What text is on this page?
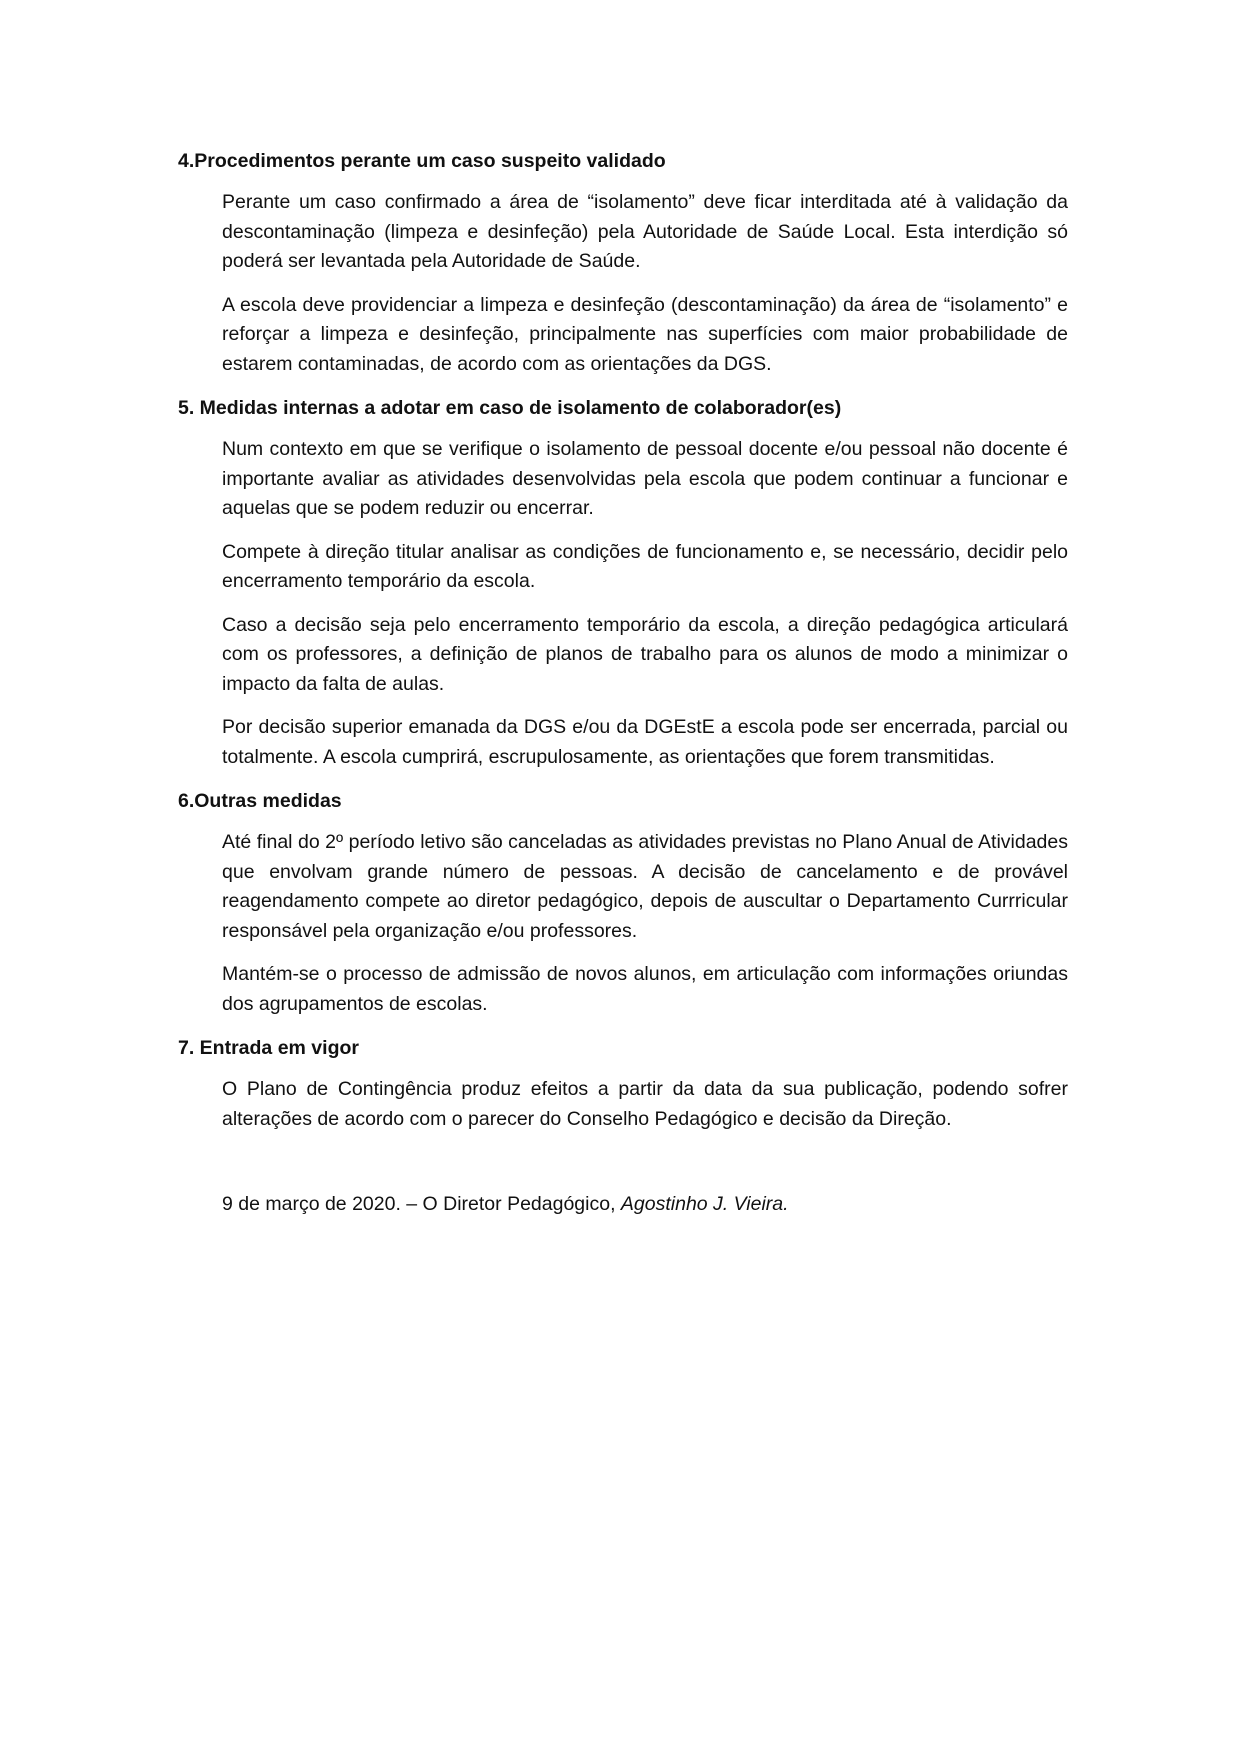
4.Procedimentos perante um caso suspeito validado

Perante um caso confirmado a área de “isolamento” deve ficar interditada até à validação da descontaminação (limpeza e desinfeção) pela Autoridade de Saúde Local. Esta interdição só poderá ser levantada pela Autoridade de Saúde.

A escola deve providenciar a limpeza e desinfeção (descontaminação) da área de “isolamento” e reforçar a limpeza e desinfeção, principalmente nas superfícies com maior probabilidade de estarem contaminadas, de acordo com as orientações da DGS.

5. Medidas internas a adotar em caso de isolamento de colaborador(es)

Num contexto em que se verifique o isolamento de pessoal docente e/ou pessoal não docente é importante avaliar as atividades desenvolvidas pela escola que podem continuar a funcionar e aquelas que se podem reduzir ou encerrar.

Compete à direção titular analisar as condições de funcionamento e, se necessário, decidir pelo encerramento temporário da escola.

Caso a decisão seja pelo encerramento temporário da escola, a direção pedagógica articulará com os professores, a definição de planos de trabalho para os alunos de modo a minimizar o impacto da falta de aulas.

Por decisão superior emanada da DGS e/ou da DGEstE a escola pode ser encerrada, parcial ou totalmente. A escola cumprirá, escrupulosamente, as orientações que forem transmitidas.

6.Outras medidas

Até final do 2º período letivo são canceladas as atividades previstas no Plano Anual de Atividades que envolvam grande número de pessoas. A decisão de cancelamento e de provável reagendamento compete ao diretor pedagógico, depois de auscultar o Departamento Currricular responsável pela organização e/ou professores.

Mantém-se o processo de admissão de novos alunos, em articulação com informações oriundas dos agrupamentos de escolas.

7. Entrada em vigor

O Plano de Contingência produz efeitos a partir da data da sua publicação, podendo sofrer alterações de acordo com o parecer do Conselho Pedagógico e decisão da Direção.

9 de março de 2020. – O Diretor Pedagógico, Agostinho J. Vieira.
